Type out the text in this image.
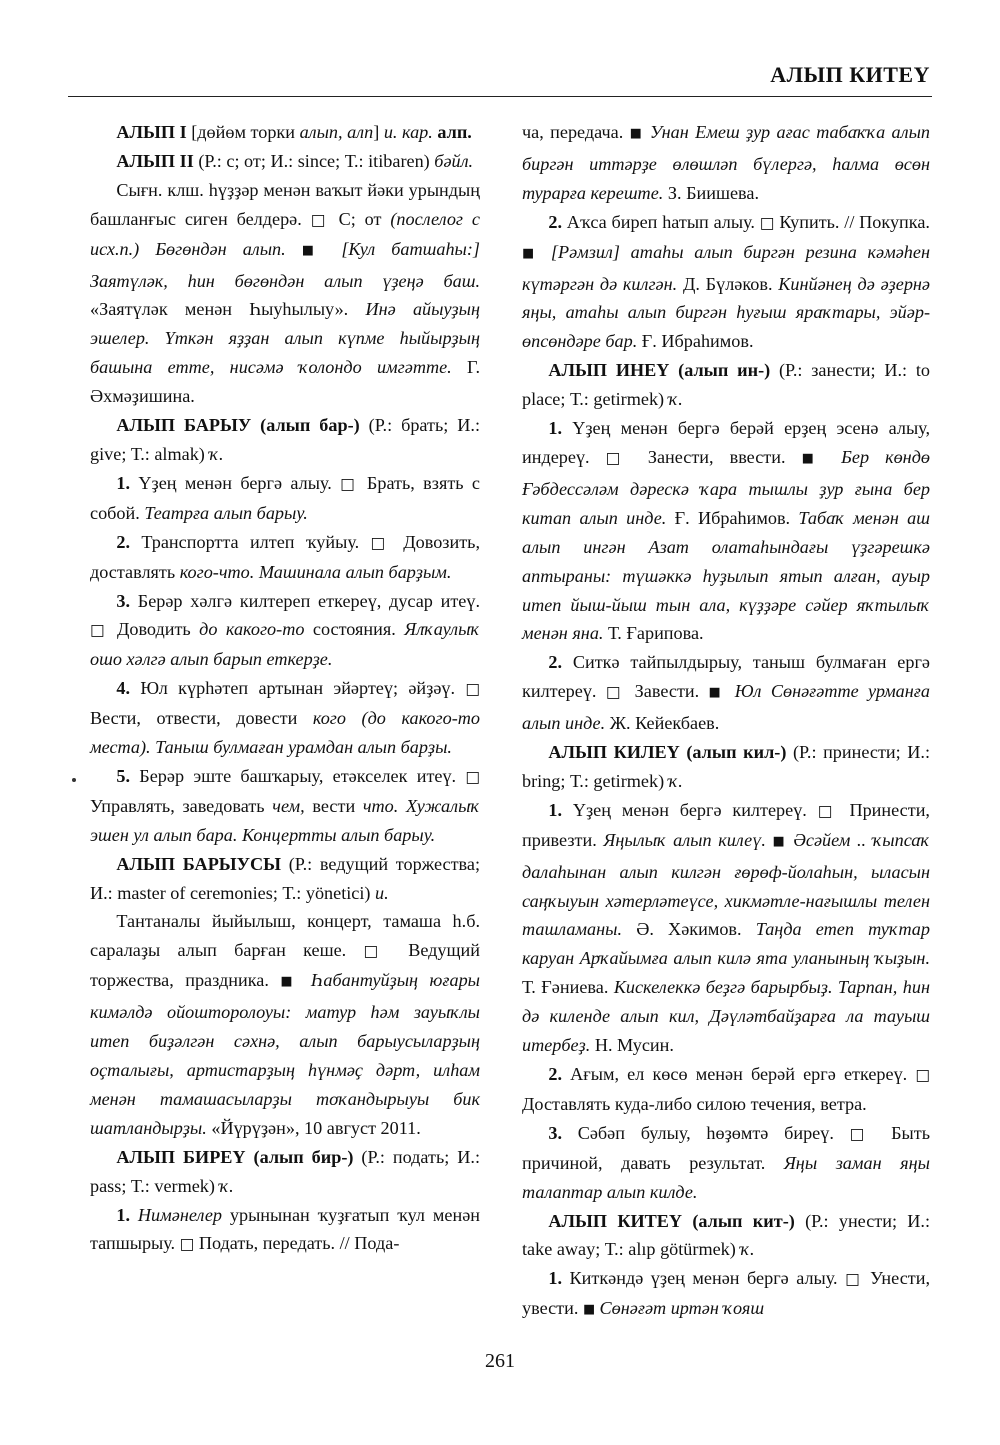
АЛЫП КИТЕҮ

АЛЫП I [дөйөм торки алып, алп] и. кар. алп.

АЛЫП II (Р.: с; от; И.: since; Т.: itibaren) бәйл.

Сығн. клш. һүҙҙәр менән ваҡыт йәки урындың башланғыс сиген белдерә. □ С; от (послелог с исх.п.) Бөгөндән алып. ■ [Кул батшаһы:] Заятүләк, һин бөгөндән алып үҙеңә баш. «Заятүләк менән Һыуһылыу». Инә айыуҙың эшелер. Үткән яҙҙан алып күпме һыйырҙың башына етте, нисәмә ҡолондо имгәтте. Г. Әхмәҙишина.

АЛЫП БАРЫУ (алып бар-) (Р.: брать; И.: give; Т.: almak) ҡ.

1. Үҙең менән бергә алыу. □ Брать, взять с собой. Театрға алып барыу.

2. Транспортта илтеп ҡуйыу. □ Довозить, доставлять кого-что. Машинала алып барҙым.

3. Берәр хәлгә килтереп еткереү, дусар итеү. □ Доводить до какого-то состояния. Ялҡаулыҡ ошо хәлгә алып барып еткерҙе.

4. Юл күрһәтеп артынан эйәртеү; әйҙәү. □ Вести, отвести, довести кого (до какого-то места). Таныш булмаған урамдан алып барҙы.

5. Берәр эште башҡарыу, етәкселек итеү. □ Управлять, заведовать чем, вести что. Хужалыҡ эшен ул алып бара. Концертты алып барыу.

АЛЫП БАРЫУСЫ (Р.: ведущий торжества; И.: master of ceremonies; Т.: yönetici) и.

Тантаналы йыйылыш, концерт, тамаша һ.б. саралаҙы алып барған кеше. □ Ведущий торжества, праздника. ■ Һабантуйҙың юғары кимәлдә ойошторолоуы: матур һәм зауыҡлы итеп биҙәлгән сәхнә, алып барыусыларҙың оҫталығы, артистарҙың һүнмәҫ дәрт, илһам менән тамашасыларҙы тоҡандырыуы бик шатландырҙы. «Йүрүҙән», 10 август 2011.

АЛЫП БИРЕҮ (алып бир-) (Р.: подать; И.: pass; Т.: vermek) ҡ.

1. Нимәнелер урынынан ҡуҙғатып ҡул менән тапшырыу. □ Подать, передать. // Пода-

ча, передача. ■ Унан Емеш ҙур ағас табаҡҡа алып биргән иттәрҙе өлөшләп бүлергә, һалма өсөн турарға кереште. З. Биишева.

2. Аҡса биреп һатып алыу. □ Купить. // Покупка. ■ [Рәмзил] атаһы алып биргән резина кәмәһен күтәргән дә килгән. Д. Бүләков. Кинйәнең дә әҙернә яңы, атаһы алып биргән һуғыш яраҡтары, эйәр-өпсөндәре бар. Ғ. Ибраһимов.

АЛЫП ИНЕҮ (алып ин-) (Р.: занести; И.: to place; Т.: getirmek) ҡ.

1. Үҙең менән бергә берәй ерҙең эсенә алыу, индереү. □ Занести, ввести. ■ Бер көндө Ғәбдессәләм дәрескә ҡара тышлы ҙур ғына бер китап алып инде. Ғ. Ибраһимов. Табаҡ менән аш алып ингән Азат олатаһындағы үҙгәрешкә аптыраны: түшәккә һуҙылып ятып алған, ауыр итеп йыш-йыш тын ала, күҙҙәре сәйер яҡтылыҡ менән яна. Т. Ғарипова.

2. Ситкә тайпылдырыу, таныш булмаған ергә килтереү. □ Завести. ■ Юл Сөнәғәтте урманға алып инде. Ж. Кейекбаев.

АЛЫП КИЛЕҮ (алып кил-) (Р.: принести; И.: bring; Т.: getirmek) ҡ.

1. Үҙең менән бергә килтереү. □ Принести, привезти. Яңылыҡ алып килеү. ■ Әсәйем .. ҡыпсаҡ далаһынан алып килгән ғөрөф-йолаһын, ыласын саңҡыуын хәтерләтеүсе, хикмәтле-нағышлы телен ташламаны. Ә. Хәкимов. Таңда етеп туҡтар каруан Арҡайымға алып килә ята уланының ҡыҙын. Т. Ғәниева. Кискелеккә беҙгә барырбыҙ. Тарпан, һин дә киленде алып кил, Дәүләтбайҙарға ла тауыш итербеҙ. Н. Мусин.

2. Ағым, ел көсө менән берәй ергә еткереү. □ Доставлять куда-либо силою течения, ветра.

3. Сәбәп булыу, һөҙөмтә биреү. □ Быть причиной, давать результат. Яңы заман яңы талаптар алып килде.

АЛЫП КИТЕҮ (алып кит-) (Р.: унести; И.: take away; Т.: alıp götürmek) ҡ.

1. Киткәндә үҙең менән бергә алыу. □ Унести, увести. ■ Сөнәғәт иртән ҡояш

261
